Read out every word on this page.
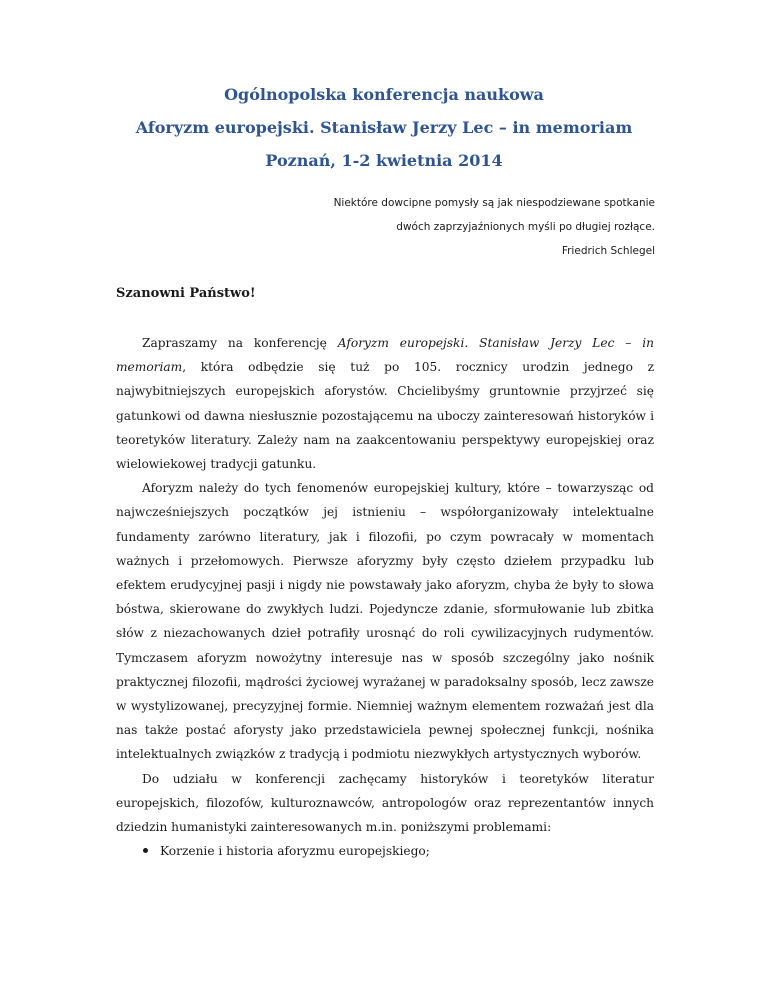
Ogólnopolska konferencja naukowa

Aforyzm europejski. Stanisław Jerzy Lec – in memoriam

Poznań, 1-2 kwietnia 2014

Niektóre dowcipne pomysły są jak niespodziewane spotkanie
dwóch zaprzyjaźnionych myśli po długiej rozłące.
Friedrich Schlegel

Szanowni Państwo!

Zapraszamy na konferencję Aforyzm europejski. Stanisław Jerzy Lec – in memoriam, która odbędzie się tuż po 105. rocznicy urodzin jednego z najwybitniejszych europejskich aforystów. Chcielibyśmy gruntownie przyjrzeć się gatunkowi od dawna niesłusznie pozostającemu na uboczy zainteresowań historyków i teoretyków literatury. Zależy nam na zaakcentowaniu perspektywy europejskiej oraz wielowiekowej tradycji gatunku.

Aforyzm należy do tych fenomenów europejskiej kultury, które – towarzysząc od najwcześniejszych początków jej istnieniu – współorganizowały intelektualne fundamenty zarówno literatury, jak i filozofii, po czym powracały w momentach ważnych i przełomowych. Pierwsze aforyzmy były często dziełem przypadku lub efektem erudycyjnej pasji i nigdy nie powstawały jako aforyzm, chyba że były to słowa bóstwa, skierowane do zwykłych ludzi. Pojedyncze zdanie, sformułowanie lub zbitka słów z niezachowanych dzieł potrafiły urosnąć do roli cywilizacyjnych rudymentów. Tymczasem aforyzm nowożytny interesuje nas w sposób szczególny jako nośnik praktycznej filozofii, mądrości życiowej wyrażanej w paradoksalny sposób, lecz zawsze w wystylizowanej, precyzyjnej formie. Niemniej ważnym elementem rozważań jest dla nas także postać aforysty jako przedstawiciela pewnej społecznej funkcji, nośnika intelektualnych związków z tradycją i podmiotu niezwykłych artystycznych wyborów.

Do udziału w konferencji zachęcamy historyków i teoretyków literatur europejskich, filozofów, kulturoznawców, antropologów oraz reprezentantów innych dziedzin humanistyki zainteresowanych m.in. poniższymi problemami:

Korzenie i historia aforyzmu europejskiego;
